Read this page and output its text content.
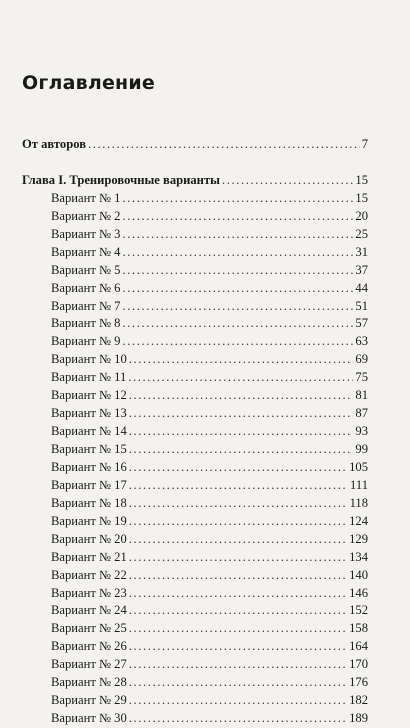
Оглавление
От авторов .....	7
Глава I. Тренировочные варианты .....	15
Вариант № 1 .....	15
Вариант № 2 .....	20
Вариант № 3 .....	25
Вариант № 4 .....	31
Вариант № 5 .....	37
Вариант № 6 .....	44
Вариант № 7 .....	51
Вариант № 8 .....	57
Вариант № 9 .....	63
Вариант № 10 .....	69
Вариант № 11 .....	75
Вариант № 12 .....	81
Вариант № 13 .....	87
Вариант № 14 .....	93
Вариант № 15 .....	99
Вариант № 16 .....	105
Вариант № 17 .....	111
Вариант № 18 .....	118
Вариант № 19 .....	124
Вариант № 20 .....	129
Вариант № 21 .....	134
Вариант № 22 .....	140
Вариант № 23 .....	146
Вариант № 24 .....	152
Вариант № 25 .....	158
Вариант № 26 .....	164
Вариант № 27 .....	170
Вариант № 28 .....	176
Вариант № 29 .....	182
Вариант № 30 .....	189
